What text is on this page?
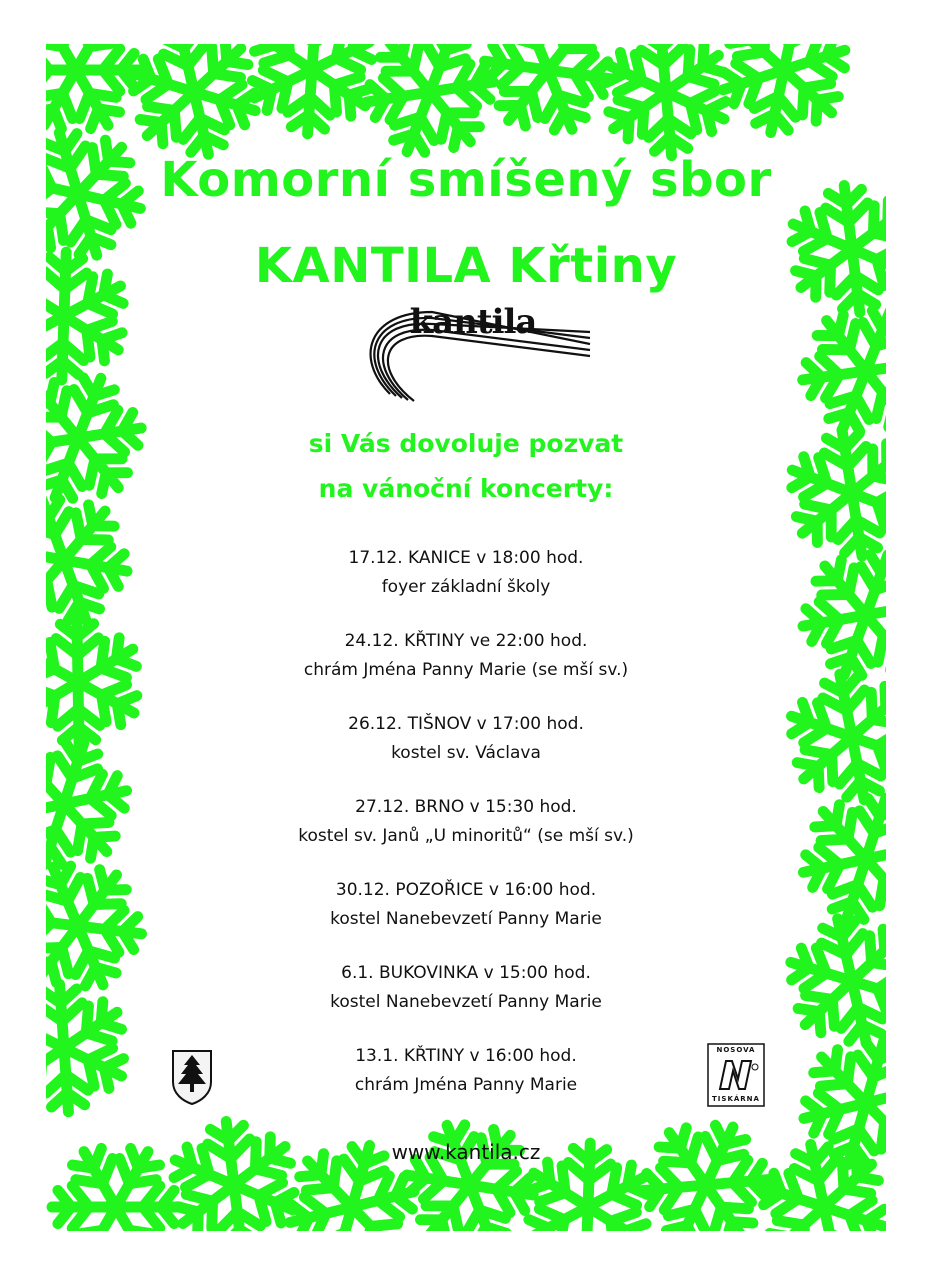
Komorní smíšený sbor
KANTILA Křtiny
kantila

si Vás dovoluje pozvat

na vánoční koncerty:

17.12. KANICE v 18:00 hod.
foyer základní školy
24.12. KŘTINY ve 22:00 hod.
chrám Jména Panny Marie (se mší sv.)
26.12. TIŠNOV v 17:00 hod.
kostel sv. Václava
27.12. BRNO v 15:30 hod.
kostel sv. Janů „U minoritů“ (se mší sv.)
30.12. POZOŘICE v 16:00 hod.
kostel Nanebevzetí Panny Marie
6.1. BUKOVINKA v 15:00 hod.
kostel Nanebevzetí Panny Marie
13.1. KŘTINY v 16:00 hod.
chrám Jména Panny Marie
NOSOVA
TISKÁRNA

www.kantila.cz
